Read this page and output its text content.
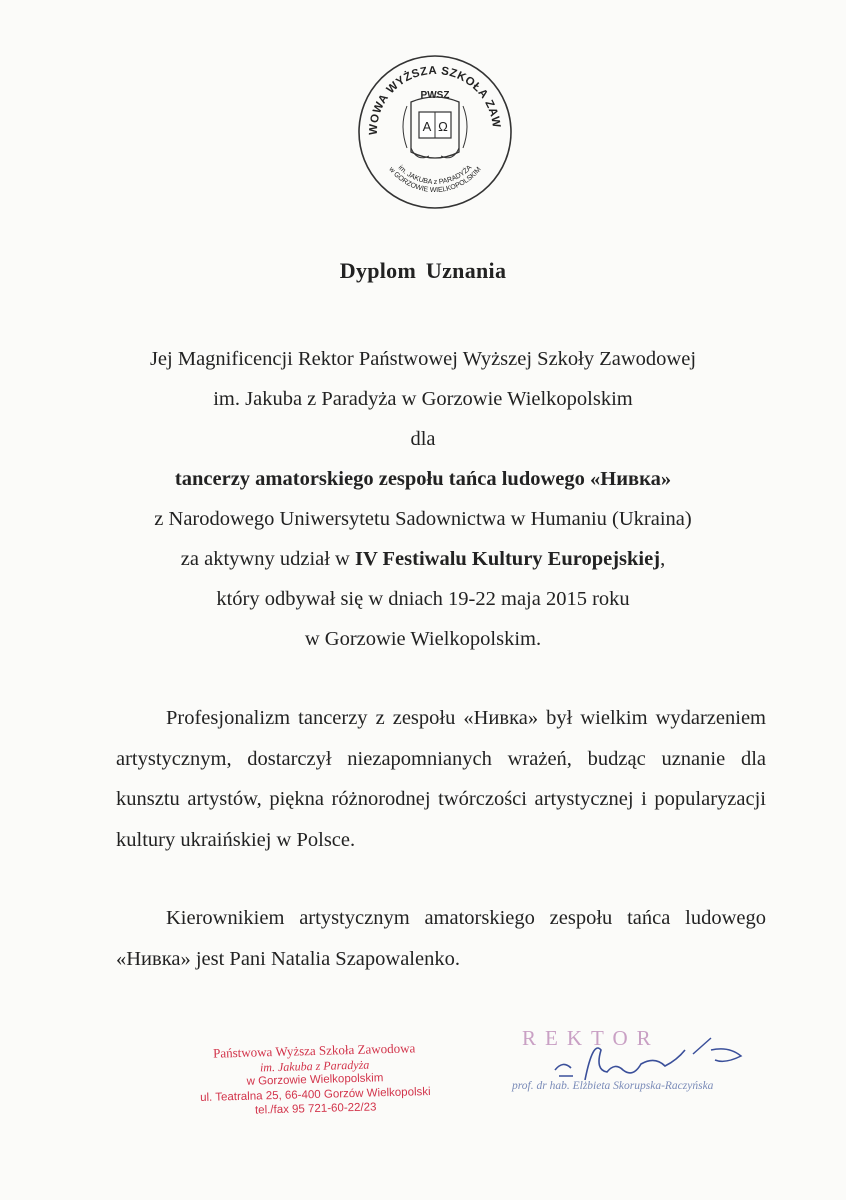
WOWA WYŻSZA SZKOŁA ZAW
im. JAKUBA z PARADYŻA
w GORZOWIE WIELKOPOLSKIM
PWSZ
A Ω
Dyplom Uznania
Jej Magnificencji Rektor Państwowej Wyższej Szkoły Zawodowej
im. Jakuba z Paradyża w Gorzowie Wielkopolskim
dla
tancerzy amatorskiego zespołu tańca ludowego «Нивка»
z Narodowego Uniwersytetu Sadownictwa w Humaniu (Ukraina)
za aktywny udział w IV Festiwalu Kultury Europejskiej,
który odbywał się w dniach 19-22 maja 2015 roku
w Gorzowie Wielkopolskim.
Profesjonalizm tancerzy z zespołu «Нивка» był wielkim wydarzeniem artystycznym, dostarczył niezapomnianych wrażeń, budząc uznanie dla kunsztu artystów, piękna różnorodnej twórczości artystycznej i popularyzacji kultury ukraińskiej w Polsce.
Kierownikiem artystycznym amatorskiego zespołu tańca ludowego «Нивка» jest Pani Natalia Szapowalenko.
Państwowa Wyższa Szkoła Zawodowa
im. Jakuba z Paradyża
w Gorzowie Wielkopolskim
ul. Teatralna 25, 66-400 Gorzów Wielkopolski
tel./fax 95 721-60-22/23
REKTOR
prof. dr hab. Elżbieta Skorupska-Raczyńska
